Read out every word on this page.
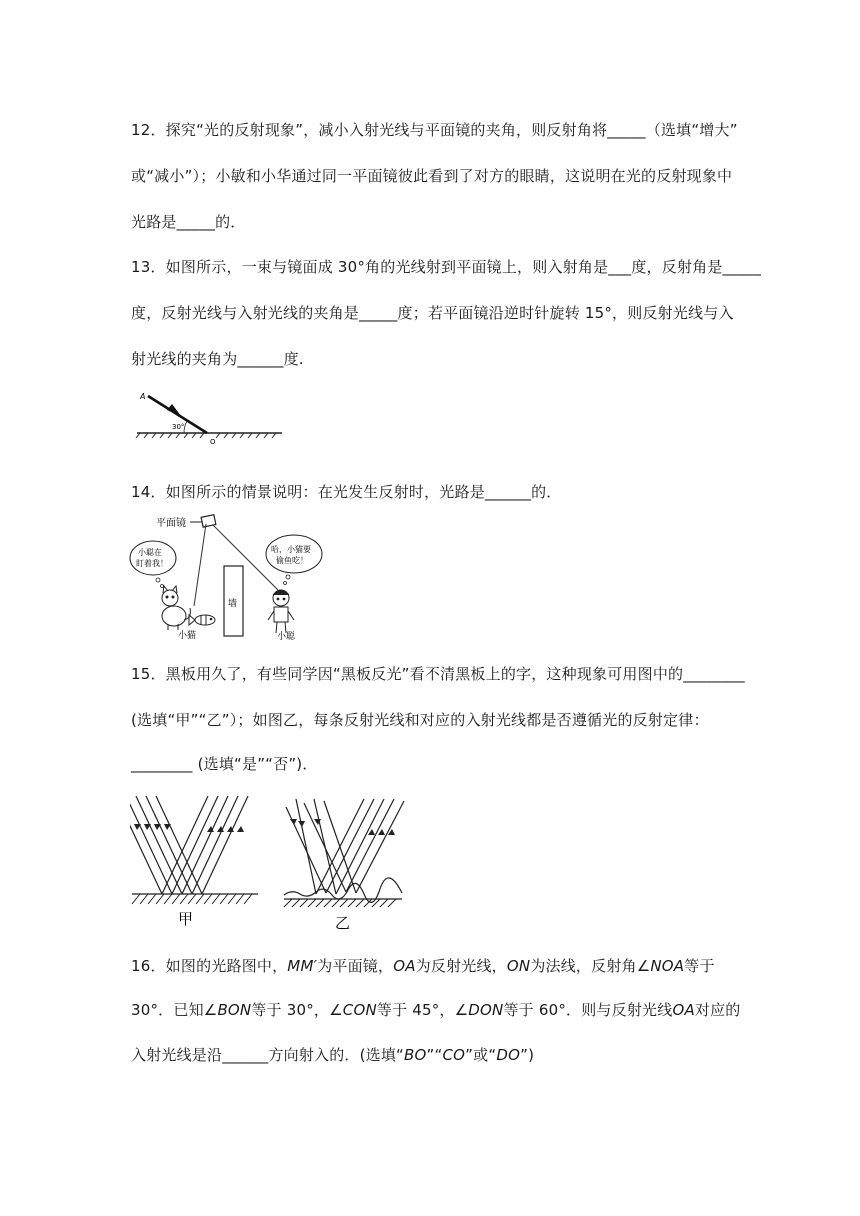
12．探究“光的反射现象”，减小入射光线与平面镜的夹角，则反射角将_____（选填“增大”
或“减小”）；小敏和小华通过同一平面镜彼此看到了对方的眼睛，这说明在光的反射现象中
光路是_____的．
13．如图所示，一束与镜面成 30°角的光线射到平面镜上，则入射角是___度，反射角是_____
度，反射光线与入射光线的夹角是_____度；若平面镜沿逆时针旋转 15°，则反射光线与入
射光线的夹角为______度.
A
30°
O
14．如图所示的情景说明：在光发生反射时，光路是______的．
平面镜
小聪在
盯着我！
哈，小猫要
偷鱼吃！
墙
小猫	小聪
15．黑板用久了，有些同学因“黑板反光”看不清黑板上的字，这种现象可用图中的________
(选填“甲”“乙”）；如图乙，每条反射光线和对应的入射光线都是否遵循光的反射定律：
________ (选填“是”“否”)．
甲	乙
16．如图的光路图中，MM′为平面镜，OA为反射光线，ON为法线，反射角∠NOA等于
30°．已知∠BON等于 30°，∠CON等于 45°，∠DON等于 60°．则与反射光线OA对应的
入射光线是沿______方向射入的．(选填“BO”“CO”或“DO”)
